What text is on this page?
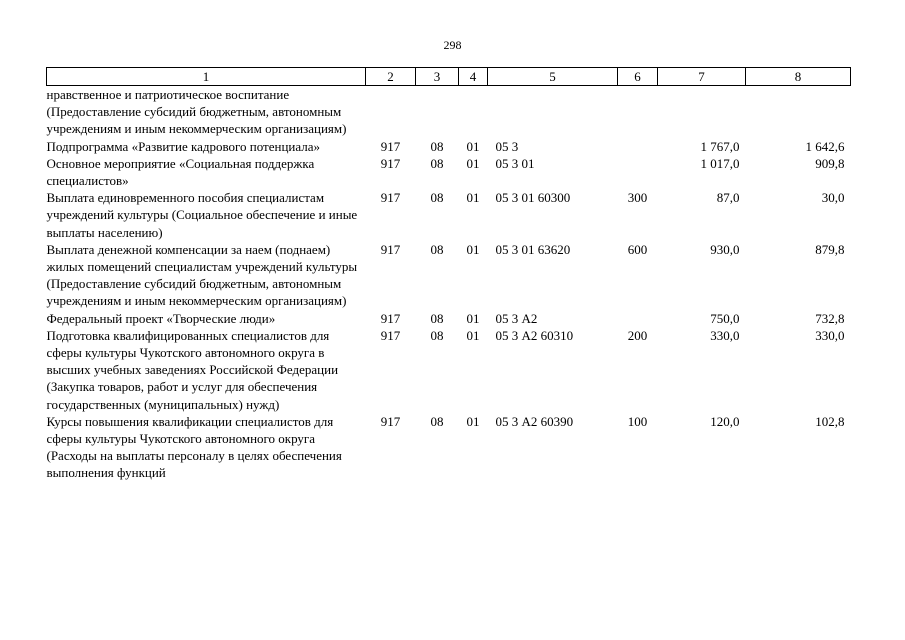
298
1	2	3	4	5	6	7	8
нравственное и патриотическое воспитание (Предоставление субсидий бюджетным, автономным учреждениям и иным некоммерческим организациям)							
Подпрограмма «Развитие кадрового потенциала»	917	08	01	05 3		1 767,0	1 642,6
Основное мероприятие «Социальная поддержка специалистов»	917	08	01	05 3 01		1 017,0	909,8
Выплата единовременного пособия специалистам учреждений культуры (Социальное обеспечение и иные выплаты населению)	917	08	01	05 3 01 60300	300	87,0	30,0
Выплата денежной компенсации за наем (поднаем) жилых помещений специалистам учреждений культуры (Предоставление субсидий бюджетным, автономным учреждениям и иным некоммерческим организациям)	917	08	01	05 3 01 63620	600	930,0	879,8
Федеральный проект «Творческие люди»	917	08	01	05 3 А2		750,0	732,8
Подготовка квалифицированных специалистов для сферы культуры Чукотского автономного округа в высших учебных заведениях Российской Федерации (Закупка товаров, работ и услуг для обеспечения государственных (муниципальных) нужд)	917	08	01	05 3 А2 60310	200	330,0	330,0
Курсы повышения квалификации специалистов для сферы культуры Чукотского автономного округа (Расходы на выплаты персоналу в целях обеспечения выполнения функций	917	08	01	05 3 А2 60390	100	120,0	102,8
